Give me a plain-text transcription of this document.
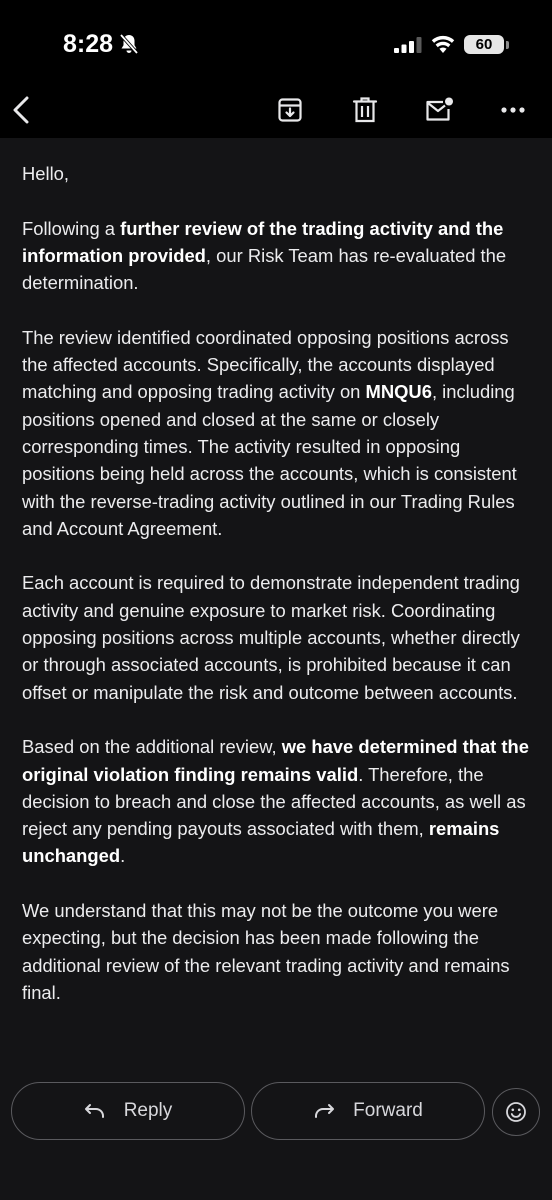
8:28	60

Hello,

Following a further review of the trading activity and the information provided, our Risk Team has re-evaluated the determination.

The review identified coordinated opposing positions across the affected accounts. Specifically, the accounts displayed matching and opposing trading activity on MNQU6, including positions opened and closed at the same or closely corresponding times. The activity resulted in opposing positions being held across the accounts, which is consistent with the reverse-trading activity outlined in our Trading Rules and Account Agreement.

Each account is required to demonstrate independent trading activity and genuine exposure to market risk. Coordinating opposing positions across multiple accounts, whether directly or through associated accounts, is prohibited because it can offset or manipulate the risk and outcome between accounts.

Based on the additional review, we have determined that the original violation finding remains valid. Therefore, the decision to breach and close the affected accounts, as well as reject any pending payouts associated with them, remains unchanged.

We understand that this may not be the outcome you were expecting, but the decision has been made following the additional review of the relevant trading activity and remains final.

Reply	Forward
